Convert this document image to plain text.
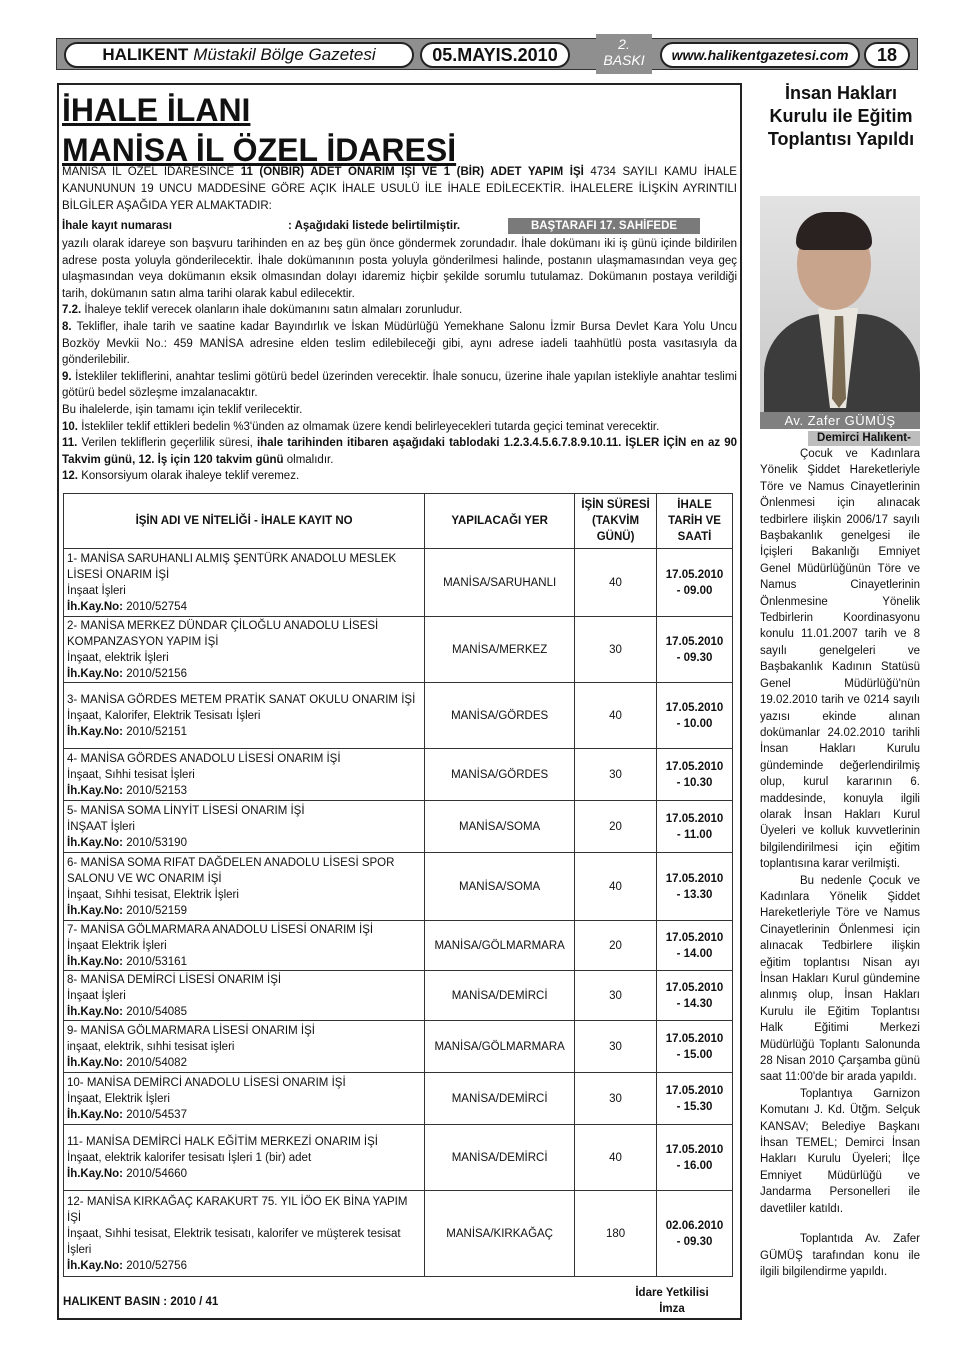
HALIKENT Müstakil Bölge Gazetesi	05.MAYIS.2010
2.
BASKI	www.halikentgazetesi.com	18
İHALE İLANI
MANİSA İL ÖZEL İDARESİ
MANİSA İL ÖZEL İDARESİNCE 11 (ONBİR) ADET ONARIM İŞİ VE 1 (BİR) ADET YAPIM İŞİ 4734 SAYILI KAMU İHALE KANUNUNUN 19 UNCU MADDESİNE GÖRE AÇIK İHALE USULÜ İLE İHALE EDİLECEKTİR. İHALELERE İLİŞKİN AYRINTILI BİLGİLER AŞAĞIDA YER ALMAKTADIR:
İhale kayıt numarası	: Aşağıdaki listede belirtilmiştir.	BAŞTARAFI 17. SAHİFEDE

yazılı olarak idareye son başvuru tarihinden en az beş gün önce göndermek zorundadır. İhale dokümanı iki iş günü içinde bildirilen adrese posta yoluyla gönderilecektir. İhale dokümanının posta yoluyla gönderilmesi halinde, postanın ulaşmamasından veya geç ulaşmasından veya dokümanın eksik olmasından dolayı idaremiz hiçbir şekilde sorumlu tutulamaz. Dokümanın postaya verildiği tarih, dokümanın satın alma tarihi olarak kabul edilecektir.

7.2. İhaleye teklif verecek olanların ihale dokümanını satın almaları zorunludur.

8. Teklifler, ihale tarih ve saatine kadar Bayındırlık ve İskan Müdürlüğü Yemekhane Salonu İzmir Bursa Devlet Kara Yolu Uncu Bozköy Mevkii No.: 459 MANİSA adresine elden teslim edilebileceği gibi, aynı adrese iadeli taahhütlü posta vasıtasıyla da gönderilebilir.

9. İstekliler tekliflerini, anahtar teslimi götürü bedel üzerinden verecektir. İhale sonucu, üzerine ihale yapılan istekliyle anahtar teslimi götürü bedel sözleşme imzalanacaktır.

Bu ihalelerde, işin tamamı için teklif verilecektir.

10. İstekliler teklif ettikleri bedelin %3'ünden az olmamak üzere kendi belirleyecekleri tutarda geçici teminat verecektir.

11. Verilen tekliflerin geçerlilik süresi, ihale tarihinden itibaren aşağıdaki tablodaki 1.2.3.4.5.6.7.8.9.10.11. İŞLER İÇİN en az 90 Takvim günü, 12. İş için 120 takvim günü olmalıdır.

12. Konsorsiyum olarak ihaleye teklif veremez.

İŞİN ADI VE NİTELİĞİ - İHALE KAYIT NO	YAPILACAĞI YER	İŞİN SÜRESİ (TAKVİM GÜNÜ)	İHALE TARİH VE SAATİ
1- MANİSA SARUHANLI ALMIŞ ŞENTÜRK ANADOLU MESLEK LİSESİ ONARIM İŞİ
İnşaat İşleri
İh.Kay.No: 2010/52754	MANİSA/SARUHANLI	40	17.05.2010
- 09.00
2- MANİSA MERKEZ DÜNDAR ÇİLOĞLU ANADOLU LİSESİ KOMPANZASYON YAPIM İŞİ
İnşaat, elektrik İşleri
İh.Kay.No: 2010/52156	MANİSA/MERKEZ	30	17.05.2010
- 09.30
3- MANİSA GÖRDES METEM PRATİK SANAT OKULU ONARIM İŞİ
İnşaat, Kalorifer, Elektrik Tesisatı İşleri
İh.Kay.No: 2010/52151	MANİSA/GÖRDES	40	17.05.2010
- 10.00
4- MANİSA GÖRDES ANADOLU LİSESİ ONARIM İŞİ
İnşaat, Sıhhi tesisat İşleri
İh.Kay.No: 2010/52153	MANİSA/GÖRDES	30	17.05.2010
- 10.30
5- MANİSA SOMA LİNYİT LİSESİ ONARIM İŞİ
İNŞAAT İşleri
İh.Kay.No: 2010/53190	MANİSA/SOMA	20	17.05.2010
- 11.00
6- MANİSA SOMA RIFAT DAĞDELEN ANADOLU LİSESİ SPOR SALONU VE WC ONARIM İŞİ
İnşaat, Sıhhi tesisat, Elektrik İşleri
İh.Kay.No: 2010/52159	MANİSA/SOMA	40	17.05.2010
- 13.30
7- MANİSA GÖLMARMARA ANADOLU LİSESİ ONARIM İŞİ
İnşaat Elektrik İşleri
İh.Kay.No: 2010/53161	MANİSA/GÖLMARMARA	20	17.05.2010
- 14.00
8- MANİSA DEMİRCİ LİSESİ ONARIM İŞİ
İnşaat İşleri
İh.Kay.No: 2010/54085	MANİSA/DEMİRCİ	30	17.05.2010
- 14.30
9- MANİSA GÖLMARMARA LİSESİ ONARIM İŞİ
inşaat, elektrik, sıhhi tesisat işleri
İh.Kay.No: 2010/54082	MANİSA/GÖLMARMARA	30	17.05.2010
- 15.00
10- MANİSA DEMİRCİ ANADOLU LİSESİ ONARIM İŞİ
İnşaat, Elektrik İşleri
İh.Kay.No: 2010/54537	MANİSA/DEMİRCİ	30	17.05.2010
- 15.30
11- MANİSA DEMİRCİ HALK EĞİTİM MERKEZİ ONARIM İŞİ
İnşaat, elektrik kalorifer tesisatı İşleri 1 (bir) adet
İh.Kay.No: 2010/54660	MANİSA/DEMİRCİ	40	17.05.2010
- 16.00
12- MANİSA KIRKAĞAÇ KARAKURT 75. YIL İÖO EK BİNA YAPIM İŞİ
İnşaat, Sıhhi tesisat, Elektrik tesisatı, kalorifer ve müşterek tesisat İşleri
İh.Kay.No: 2010/52756	MANİSA/KIRKAĞAÇ	180	02.06.2010
- 09.30
HALIKENT BASIN : 2010 / 41
İdare Yetkilisi
İmza
İnsan Hakları Kurulu ile Eğitim Toplantısı Yapıldı
Av. Zafer GÜMÜŞ
Demirci Halıkent-

Çocuk ve Kadınlara Yönelik Şiddet Hareketleriyle Töre ve Namus Cinayetlerinin Önlenmesi için alınacak tedbirlere ilişkin 2006/17 sayılı Başbakanlık genelgesi ile İçişleri Bakanlığı Emniyet Genel Müdürlüğünün Töre ve Namus Cinayetlerinin Önlenmesine Yönelik Tedbirlerin Koordinasyonu konulu 11.01.2007 tarih ve 8 sayılı genelgeleri ve Başbakanlık Kadının Statüsü Genel Müdürlüğü'nün 19.02.2010 tarih ve 0214 sayılı yazısı ekinde alınan dokümanlar 24.02.2010 tarihli İnsan Hakları Kurulu gündeminde değerlendirilmiş olup, kurul kararının 6. maddesinde, konuyla ilgili olarak İnsan Hakları Kurul Üyeleri ve kolluk kuvvetlerinin bilgilendirilmesi için eğitim toplantısına karar verilmişti.

Bu nedenle Çocuk ve Kadınlara Yönelik Şiddet Hareketleriyle Töre ve Namus Cinayetlerinin Önlenmesi için alınacak Tedbirlere ilişkin eğitim toplantısı Nisan ayı İnsan Hakları Kurul gündemine alınmış olup, İnsan Hakları Kurulu ile Eğitim Toplantısı Halk Eğitimi Merkezi Müdürlüğü Toplantı Salonunda 28 Nisan 2010 Çarşamba günü saat 11:00'de bir arada yapıldı.

Toplantıya Garnizon Komutanı J. Kd. Ütğm. Selçuk KANSAV; Belediye Başkanı İhsan TEMEL; Demirci İnsan Hakları Kurulu Üyeleri; İlçe Emniyet Müdürlüğü ve Jandarma Personelleri ile davetliler katıldı.

Toplantıda Av. Zafer GÜMÜŞ tarafından konu ile ilgili bilgilendirme yapıldı.
